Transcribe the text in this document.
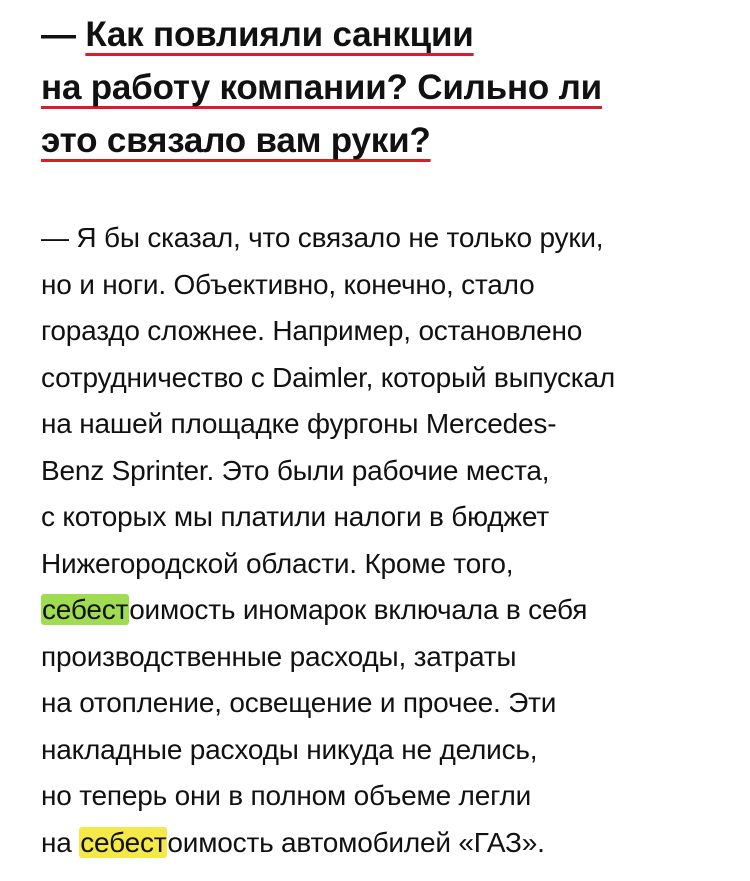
— Как повлияли санкции
на работу компании? Сильно ли
это связало вам руки?

— Я бы сказал, что связало не только руки,
но и ноги. Объективно, конечно, стало
гораздо сложнее. Например, остановлено
сотрудничество с Daimler, который выпускал
на нашей площадке фургоны Mercedes-
Benz Sprinter. Это были рабочие места,
с которых мы платили налоги в бюджет
Нижегородской области. Кроме того,
себестоимость иномарок включала в себя
производственные расходы, затраты
на отопление, освещение и прочее. Эти
накладные расходы никуда не делись,
но теперь они в полном объеме легли
на себестоимость автомобилей «ГАЗ».
